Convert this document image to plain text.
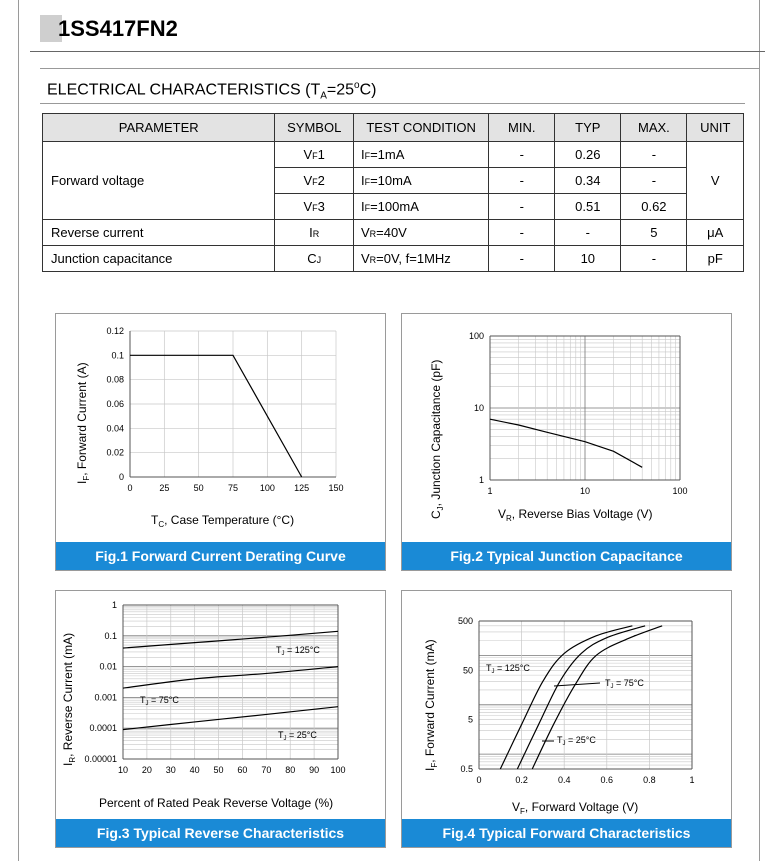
1SS417FN2
ELECTRICAL CHARACTERISTICS $(T_A=25^oC)$
PARAMETER	SYMBOL	TEST CONDITION	MIN.	TYP	MAX.	UNIT
Forward voltage	VF1	IF=1mA	-	0.26	-	V
	VF2	IF=10mA	-	0.34	-	
	VF3	IF=100mA	-	0.51	0.62	
Reverse current	IR	VR=40V	-	-	5	μA
Junction capacitance	CJ	VR=0V, f=1MHz	-	10	-	pF
0	25	50	75 100 125 150
0
0.02
0.04
0.06
0.08
0.1
0.12
$I_F$, Forward Current (A)
$T_C$, Case Temperature (°C)
Fig.1 Forward Current Derating Curve
1	10	100
1
10
100
$C_J$, Junction Capacitance (pF)
$V_R$, Reverse Bias Voltage (V)
Fig.2 Typical Junction Capacitance
10 20 30 40 50 60 70 80 90 100
0.00001
0.0001
0.001
0.01
0.1
1
$I_R$, Reverse Current (mA)
Percent of Rated Peak Reverse Voltage (%)
$T_J = 125^\circ C$
$T_J = 75^\circ C$
$T_J = 25^\circ C$
Fig.3 Typical Reverse Characteristics
0	0.2	0.4	0.6	0.8	1
0.5
5
50
500
$I_F$, Forward Current (mA)
$V_F$, Forward Voltage (V)
$T_J = 125^\circ C$
$T_J = 75^\circ C$
$T_J = 25^\circ C$
Fig.4 Typical Forward Characteristics
